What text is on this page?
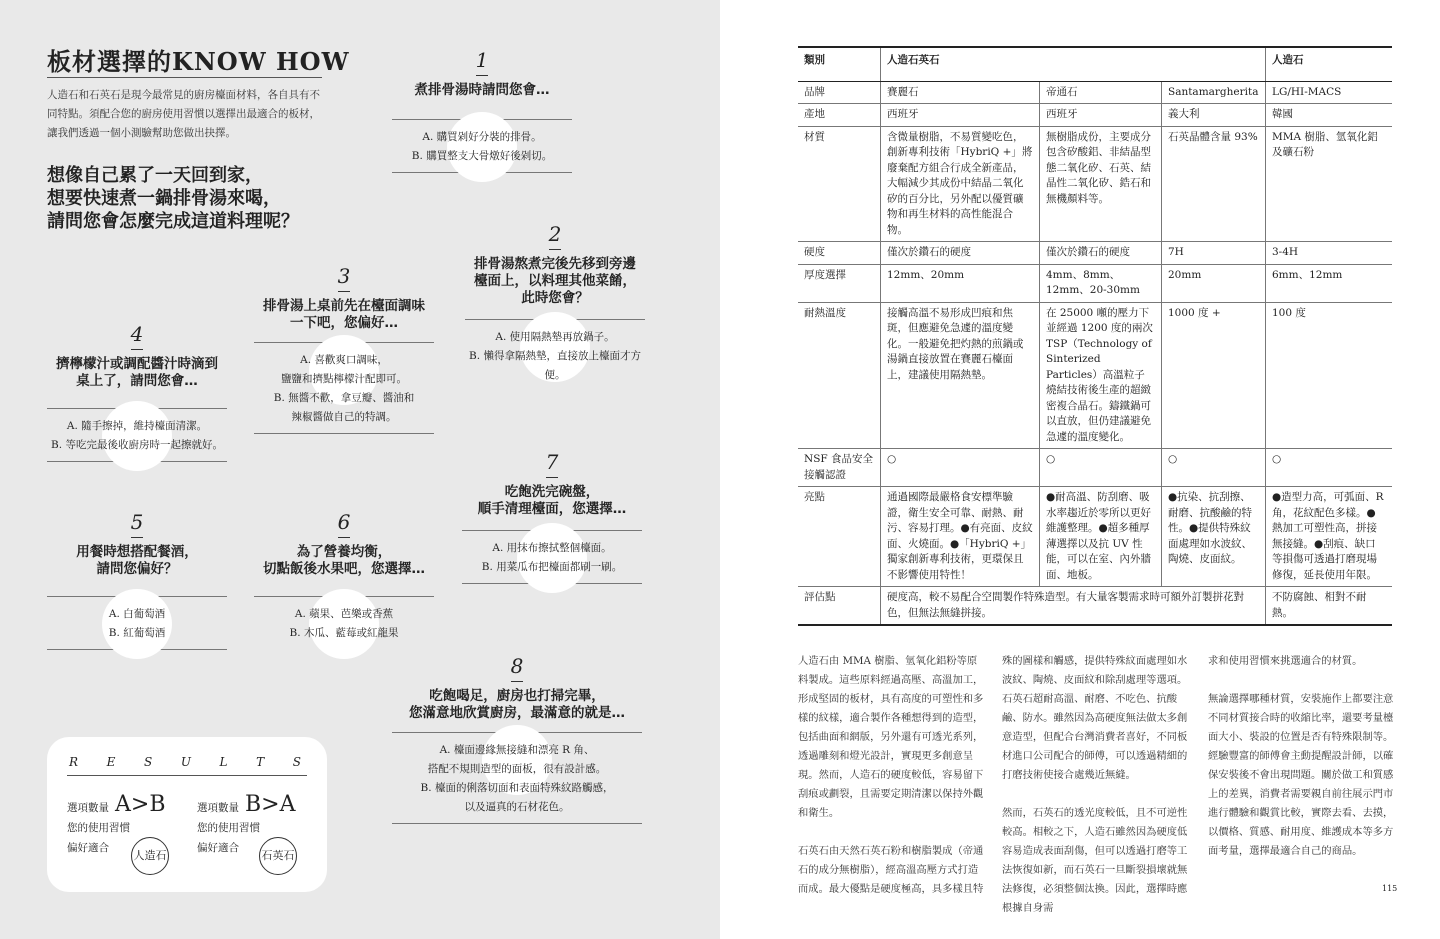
板材選擇的KNOW HOW
人造石和石英石是現今最常見的廚房檯面材料，各自具有不同特點。須配合您的廚房使用習慣以選擇出最適合的板材，讓我們透過一個小測驗幫助您做出抉擇。
想像自己累了一天回到家，
想要快速煮一鍋排骨湯來喝，
請問您會怎麼完成這道料理呢？
1
煮排骨湯時請問您會…
A. 購買剁好分裝的排骨。
B. 購買整支大骨燉好後剁切。
2
排骨湯熬煮完後先移到旁邊
檯面上，以料理其他菜餚，
此時您會？
A. 使用隔熱墊再放鍋子。
B. 懶得拿隔熱墊，直接放上檯面才方便。
3
排骨湯上桌前先在檯面調味
一下吧，您偏好…
A. 喜歡爽口調味，
鹽鹽和擠點檸檬汁配即可。
B. 無醬不歡，拿豆瓣、醬油和
辣椒醬做自己的特調。
4
擠檸檬汁或調配醬汁時滴到
桌上了，請問您會…
A. 隨手擦掉，維持檯面清潔。
B. 等吃完最後收廚房時一起擦就好。
5
用餐時想搭配餐酒，
請問您偏好？
A. 白葡萄酒
B. 紅葡萄酒
6
為了營養均衡，
切點飯後水果吧，您選擇…
A. 蘋果、芭樂或香蕉
B. 木瓜、藍莓或紅龍果
7
吃飽洗完碗盤，
順手清理檯面，您選擇…
A. 用抹布擦拭整個檯面。
B. 用菜瓜布把檯面都刷一刷。
8
吃飽喝足，廚房也打掃完畢，
您滿意地欣賞廚房，最滿意的就是…
A. 檯面邊緣無接縫和漂亮 R 角、
搭配不規則造型的面板，很有設計感。
B. 檯面的俐落切面和表面特殊紋路觸感，
以及逼真的石材花色。
R E S U L T S
選項數量 A>B
您的使用習慣
偏好適合
人造石
選項數量 B>A
您的使用習慣
偏好適合
石英石
類別	人造石英石			人造石
品牌	賽麗石	帝通石	Santamargherita	LG/HI-MACS
產地	西班牙	西班牙	義大利	韓國
材質	含微量樹脂，不易質變吃色，創新專利技術「HybriQ +」將廢棄配方組合行成全新產品，大幅減少其成份中結晶二氧化矽的百分比，另外配以優質礦物和再生材料的高性能混合物。	無樹脂成份，主要成分包含矽酸鋁、非結晶型態二氧化矽、石英、結晶性二氧化矽、鋯石和無機顏料等。	石英晶體含量 93%	MMA 樹脂、氫氧化鋁及礦石粉
硬度	僅次於鑽石的硬度	僅次於鑽石的硬度	7H	3-4H
厚度選擇	12mm、20mm	4mm、8mm、12mm、20-30mm	20mm	6mm、12mm
耐熱溫度	接觸高溫不易形成凹痕和焦斑，但應避免急遽的溫度變化。一般避免把灼熱的煎鍋或湯鍋直接放置在賽麗石檯面上，建議使用隔熱墊。	在 25000 噸的壓力下並經過 1200 度的兩次 TSP（Technology of Sinterized Particles）高溫粒子燒結技術後生產的超緻密複合晶石。鑄鐵鍋可以直放，但仍建議避免急遽的溫度變化。	1000 度 +	100 度
NSF 食品安全接觸認證	○	○	○	○
亮點	通過國際最嚴格食安標準驗證，衛生安全可靠、耐熱、耐污、容易打理。●有亮面、皮紋面、火燒面。●「HybriQ +」獨家創新專利技術，更環保且不影響使用特性！	●耐高溫、防刮磨、吸水率趨近於零所以更好維護整理。●超多種厚薄選擇以及抗 UV 性能，可以在室、內外牆面、地板。	●抗染、抗刮擦、耐磨、抗酸鹼的特性。●提供特殊紋面處理如水波紋、陶燒、皮面紋。	●造型力高，可弧面、R 角，花紋配色多樣。●熱加工可塑性高，拼接無接縫。●刮痕、缺口等損傷可透過打磨現場修復，延長使用年限。
評估點	硬度高，較不易配合空間製作特殊造型。有大量客製需求時可額外訂製拼花對色，但無法無縫拼接。			不防腐蝕、相對不耐熱。
人造石由 MMA 樹脂、氫氧化鋁粉等原料製成。這些原料經過高壓、高溫加工，形成堅固的板材，具有高度的可塑性和多樣的紋樣，適合製作各種想得到的造型，包括曲面和網版，另外還有可透光系列，透過雕刻和燈光設計，實現更多創意呈現。然而，人造石的硬度較低，容易留下刮痕或劃裂，且需要定期清潔以保持外觀和衛生。
石英石由天然石英石粉和樹脂製成（帝通石的成分無樹脂），經高溫高壓方式打造而成。最大優點是硬度極高，具多樣且特
殊的圖樣和觸感，提供特殊紋面處理如水波紋、陶燒、皮面紋和除刮處理等選項。石英石超耐高溫、耐磨、不吃色、抗酸鹼、防水。雖然因為高硬度無法做太多創意造型，但配合台灣消費者喜好，不同板材進口公司配合的師傅，可以透過精細的打磨技術使接合處幾近無縫。
然而，石英石的透光度較低，且不可逆性較高。相較之下，人造石雖然因為硬度低容易造成表面刮傷，但可以透過打磨等工法恢復如新，而石英石一旦斷裂損壞就無法修復，必須整個汰換。因此，選擇時應根據自身需
求和使用習慣來挑選適合的材質。
無論選擇哪種材質，安裝施作上都要注意不同材質接合時的收縮比率，還要考量檯面大小、裝設的位置是否有特殊限制等。經驗豐富的師傅會主動提醒設計師，以確保安裝後不會出現問題。關於做工和質感上的差異，消費者需要親自前往展示門市進行體驗和觀賞比較，實際去看、去摸，以價格、質感、耐用度、維護成本等多方面考量，選擇最適合自己的商品。
115
